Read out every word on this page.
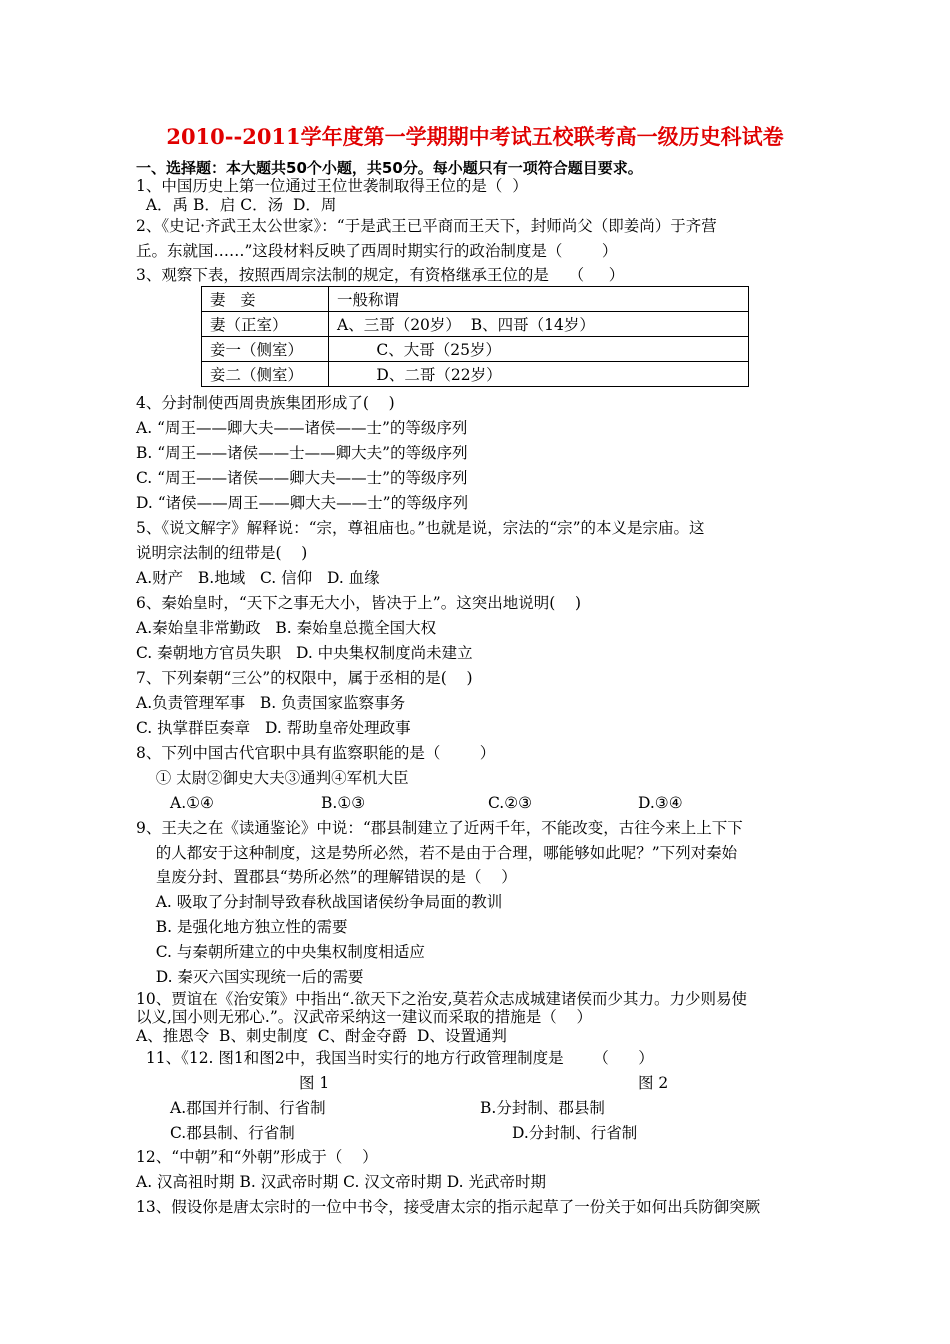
2010--2011学年度第一学期期中考试五校联考高一级历史科试卷
一、选择题：本大题共50个小题，共50分。每小题只有一项符合题目要求。
1、中国历史上第一位通过王位世袭制取得王位的是（  ）
A．禹 B．启 C．汤  D．周
2、《史记·齐武王太公世家》：“于是武王已平商而王天下，封师尚父（即姜尚）于齐营
丘。东就国……”这段材料反映了西周时期实行的政治制度是（        ）
3、观察下表，按照西周宗法制的规定，有资格继承王位的是    （     ）
妻   妾	一般称谓
妻（正室）	A、三哥（20岁）  B、四哥（14岁）
妾一（侧室）	C、大哥（25岁）
妾二（侧室）	D、二哥（22岁）
4、分封制使西周贵族集团形成了(    )
A. “周王——卿大夫——诸侯——士”的等级序列
B. “周王——诸侯——士——卿大夫”的等级序列
C. “周王——诸侯——卿大夫——士”的等级序列
D. “诸侯——周王——卿大夫——士”的等级序列
5、《说文解字》解释说：“宗，尊祖庙也。”也就是说，宗法的“宗”的本义是宗庙。这
说明宗法制的纽带是(    )
A.财产   B.地域   C. 信仰   D. 血缘
6、秦始皇时，“天下之事无大小，皆决于上”。这突出地说明(    )
A.秦始皇非常勤政   B. 秦始皇总揽全国大权
C. 秦朝地方官员失职   D. 中央集权制度尚未建立
7、下列秦朝“三公”的权限中，属于丞相的是(    )
A.负责管理军事   B. 负责国家监察事务
C. 执掌群臣奏章   D. 帮助皇帝处理政事
8、下列中国古代官职中具有监察职能的是（        ）
① 太尉②御史大夫③通判④军机大臣
A.①④	B.①③	C.②③	D.③④
9、王夫之在《读通鉴论》中说：“郡县制建立了近两千年，不能改变，古往今来上上下下
的人都安于这种制度，这是势所必然，若不是由于合理，哪能够如此呢？”下列对秦始
皇废分封、置郡县“势所必然”的理解错误的是（    ）
A. 吸取了分封制导致春秋战国诸侯纷争局面的教训
B. 是强化地方独立性的需要
C. 与秦朝所建立的中央集权制度相适应
D. 秦灭六国实现统一后的需要
10、贾谊在《治安策》中指出“.欲天下之治安,莫若众志成城建诸侯而少其力。力少则易使
以义,国小则无邪心.”。汉武帝采纳这一建议而采取的措施是（    ）
A、推恩令  B、刺史制度  C、酎金夺爵  D、设置通判
11、《12. 图1和图2中，我国当时实行的地方行政管理制度是      （      ）
图 1	图 2
A.郡国并行制、行省制	B.分封制、郡县制
C.郡县制、行省制	D.分封制、行省制
12、“中朝”和“外朝”形成于（    ）
A. 汉高祖时期 B. 汉武帝时期 C. 汉文帝时期 D. 光武帝时期
13、假设你是唐太宗时的一位中书令，接受唐太宗的指示起草了一份关于如何出兵防御突厥
